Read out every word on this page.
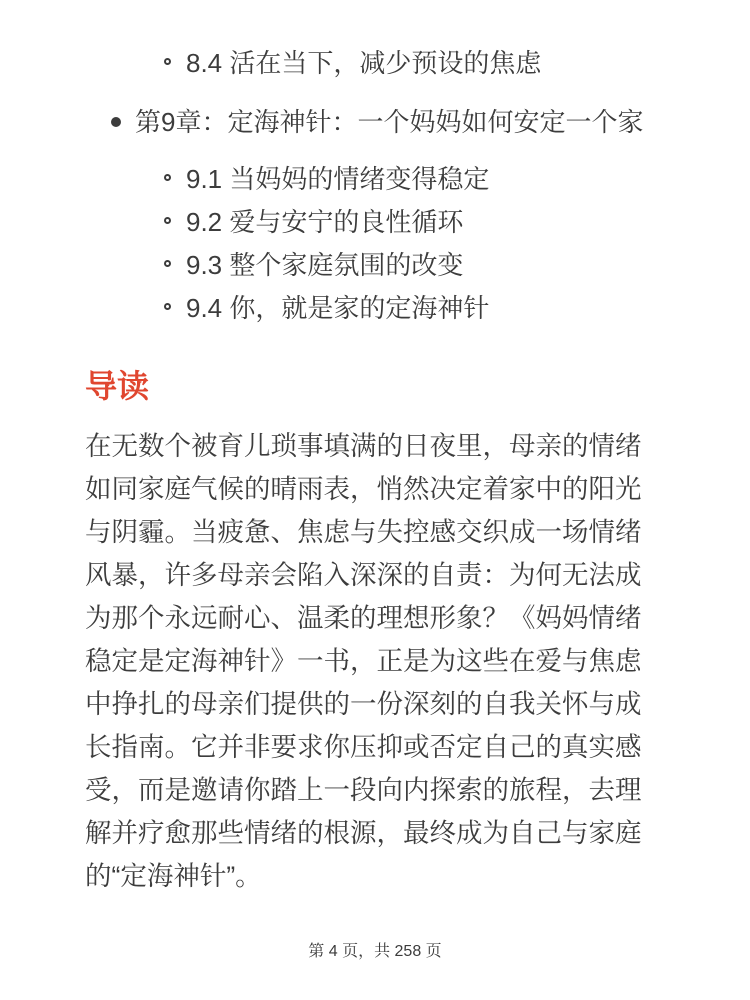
8.4 活在当下，减少预设的焦虑
第9章：定海神针：一个妈妈如何安定一个家
9.1 当妈妈的情绪变得稳定
9.2 爱与安宁的良性循环
9.3 整个家庭氛围的改变
9.4 你，就是家的定海神针
导读
在无数个被育儿琐事填满的日夜里，母亲的情绪如同家庭气候的晴雨表，悄然决定着家中的阳光与阴霾。当疲惫、焦虑与失控感交织成一场情绪风暴，许多母亲会陷入深深的自责：为何无法成为那个永远耐心、温柔的理想形象？《妈妈情绪稳定是定海神针》一书，正是为这些在爱与焦虑中挣扎的母亲们提供的一份深刻的自我关怀与成长指南。它并非要求你压抑或否定自己的真实感受，而是邀请你踏上一段向内探索的旅程，去理解并疗愈那些情绪的根源，最终成为自己与家庭的“定海神针”。
第 4 页，共 258 页
